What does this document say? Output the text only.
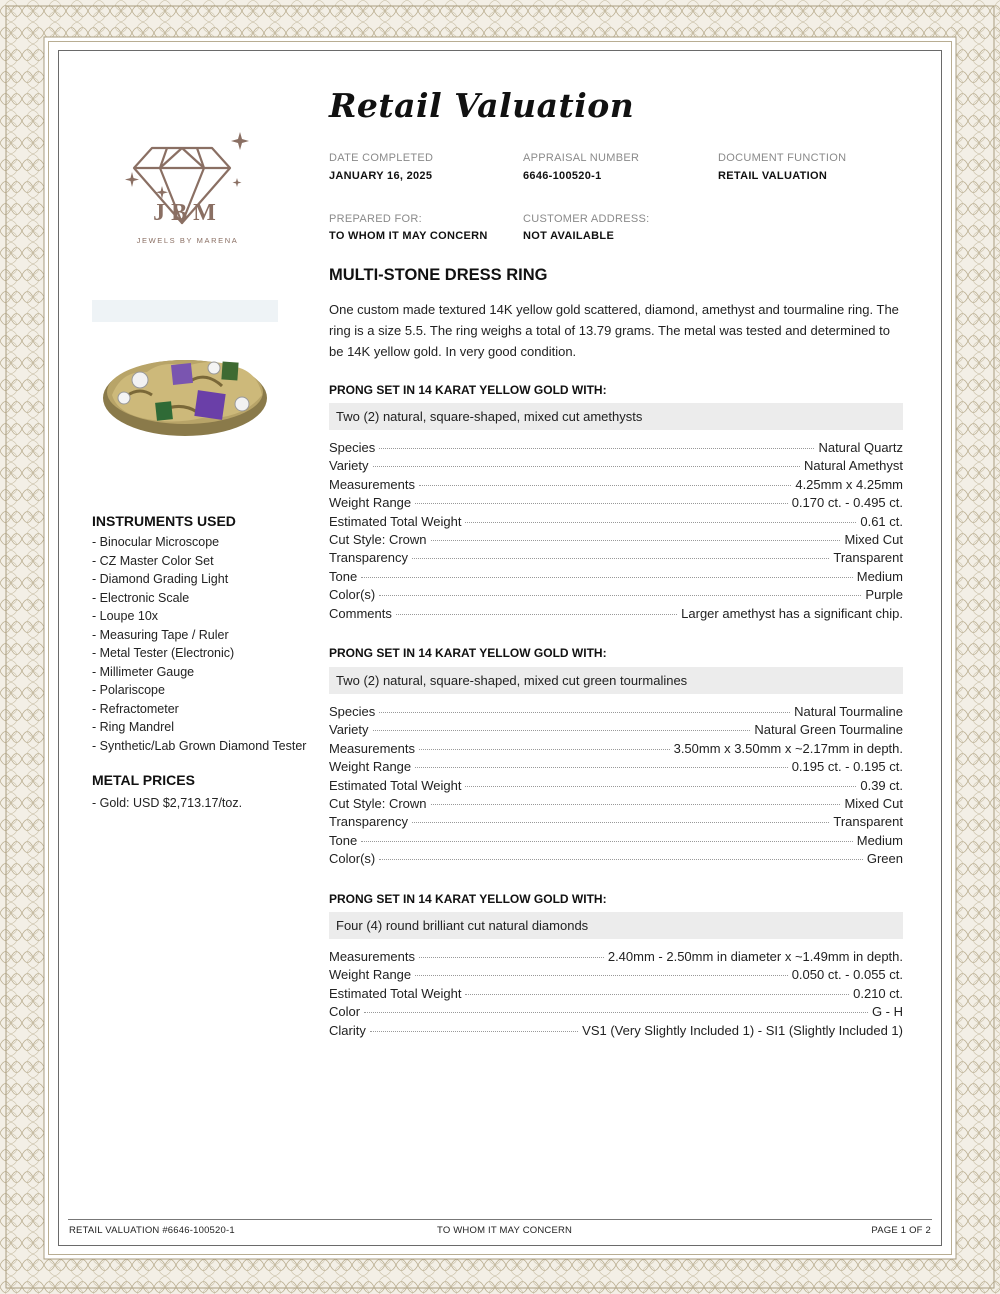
JBM
JEWELS BY MARENA
INSTRUMENTS USED
- Binocular Microscope
- CZ Master Color Set
- Diamond Grading Light
- Electronic Scale
- Loupe 10x
- Measuring Tape / Ruler
- Metal Tester (Electronic)
- Millimeter Gauge
- Polariscope
- Refractometer
- Ring Mandrel
- Synthetic/Lab Grown Diamond Tester
METAL PRICES
- Gold: USD $2,713.17/toz.
Retail Valuation
DATE COMPLETED
JANUARY 16, 2025
APPRAISAL NUMBER
6646-100520-1
DOCUMENT FUNCTION
RETAIL VALUATION
PREPARED FOR:
TO WHOM IT MAY CONCERN
CUSTOMER ADDRESS:
NOT AVAILABLE
MULTI-STONE DRESS RING
One custom made textured 14K yellow gold scattered, diamond, amethyst and tourmaline ring. The ring is a size 5.5. The ring weighs a total of 13.79 grams. The metal was tested and determined to be 14K yellow gold. In very good condition.
PRONG SET IN 14 KARAT YELLOW GOLD WITH:
Two (2) natural, square-shaped, mixed cut amethysts
Species	Natural Quartz
Variety	Natural Amethyst
Measurements	4.25mm x 4.25mm
Weight Range	0.170 ct. - 0.495 ct.
Estimated Total Weight	0.61 ct.
Cut Style: Crown	Mixed Cut
Transparency	Transparent
Tone	Medium
Color(s)	Purple
Comments	Larger amethyst has a significant chip.
PRONG SET IN 14 KARAT YELLOW GOLD WITH:
Two (2) natural, square-shaped, mixed cut green tourmalines
Species	Natural Tourmaline
Variety	Natural Green Tourmaline
Measurements	3.50mm x 3.50mm x ~2.17mm in depth.
Weight Range	0.195 ct. - 0.195 ct.
Estimated Total Weight	0.39 ct.
Cut Style: Crown	Mixed Cut
Transparency	Transparent
Tone	Medium
Color(s)	Green
PRONG SET IN 14 KARAT YELLOW GOLD WITH:
Four (4) round brilliant cut natural diamonds
Measurements	2.40mm - 2.50mm in diameter x ~1.49mm in depth.
Weight Range	0.050 ct. - 0.055 ct.
Estimated Total Weight	0.210 ct.
Color	G - H
Clarity	VS1 (Very Slightly Included 1) - SI1 (Slightly Included 1)
RETAIL VALUATION #6646-100520-1	TO WHOM IT MAY CONCERN	PAGE 1 OF 2
